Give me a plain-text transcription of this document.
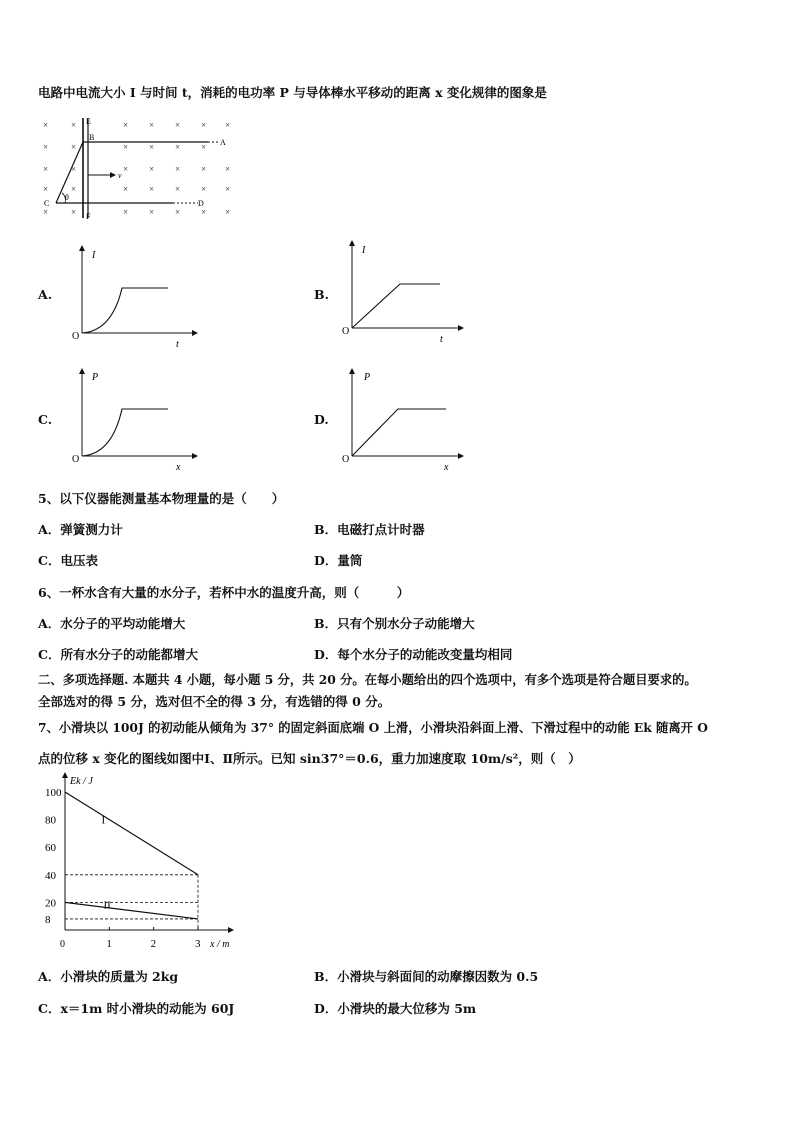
电路中电流大小 I 与时间 t，消耗的电功率 P 与导体棒水平移动的距离 x 变化规律的图象是
×	×	× × × × ×
×	×	× × × ×
×	×	× × × × ×
×	×	× × × × ×
×	×	× × × × ×
v
θ
E
B
A
C
F
D
A.
I
O
t
B.
I
O
t
C.
P
O
x
D.
P
O
x
5、以下仪器能测量基本物理量的是（　　）
A．弹簧测力计	B．电磁打点计时器
C．电压表	D．量筒
6、一杯水含有大量的水分子，若杯中水的温度升高，则（　　　）
A．水分子的平均动能增大	B．只有个别水分子动能增大
C．所有水分子的动能都增大	D．每个水分子的动能改变量均相同
二、多项选择题. 本题共 4 小题，每小题 5 分，共 20 分。在每小题给出的四个选项中，有多个选项是符合题目要求的。
全部选对的得 5 分，选对但不全的得 3 分，有选错的得 0 分。
7、小滑块以 100J 的初动能从倾角为 37° 的固定斜面底端 O 上滑，小滑块沿斜面上滑、下滑过程中的动能 Ek 随离开 O
点的位移 x 变化的图线如图中Ⅰ、Ⅱ所示。已知 sin37°＝0.6，重力加速度取 10m/s²，则（　）
I
II
8
20
40
60
80
100
1	2	3
Ek / J
x / m
0
A．小滑块的质量为 2kg	B．小滑块与斜面间的动摩擦因数为 0.5
C．x＝1m 时小滑块的动能为 60J	D．小滑块的最大位移为 5m
